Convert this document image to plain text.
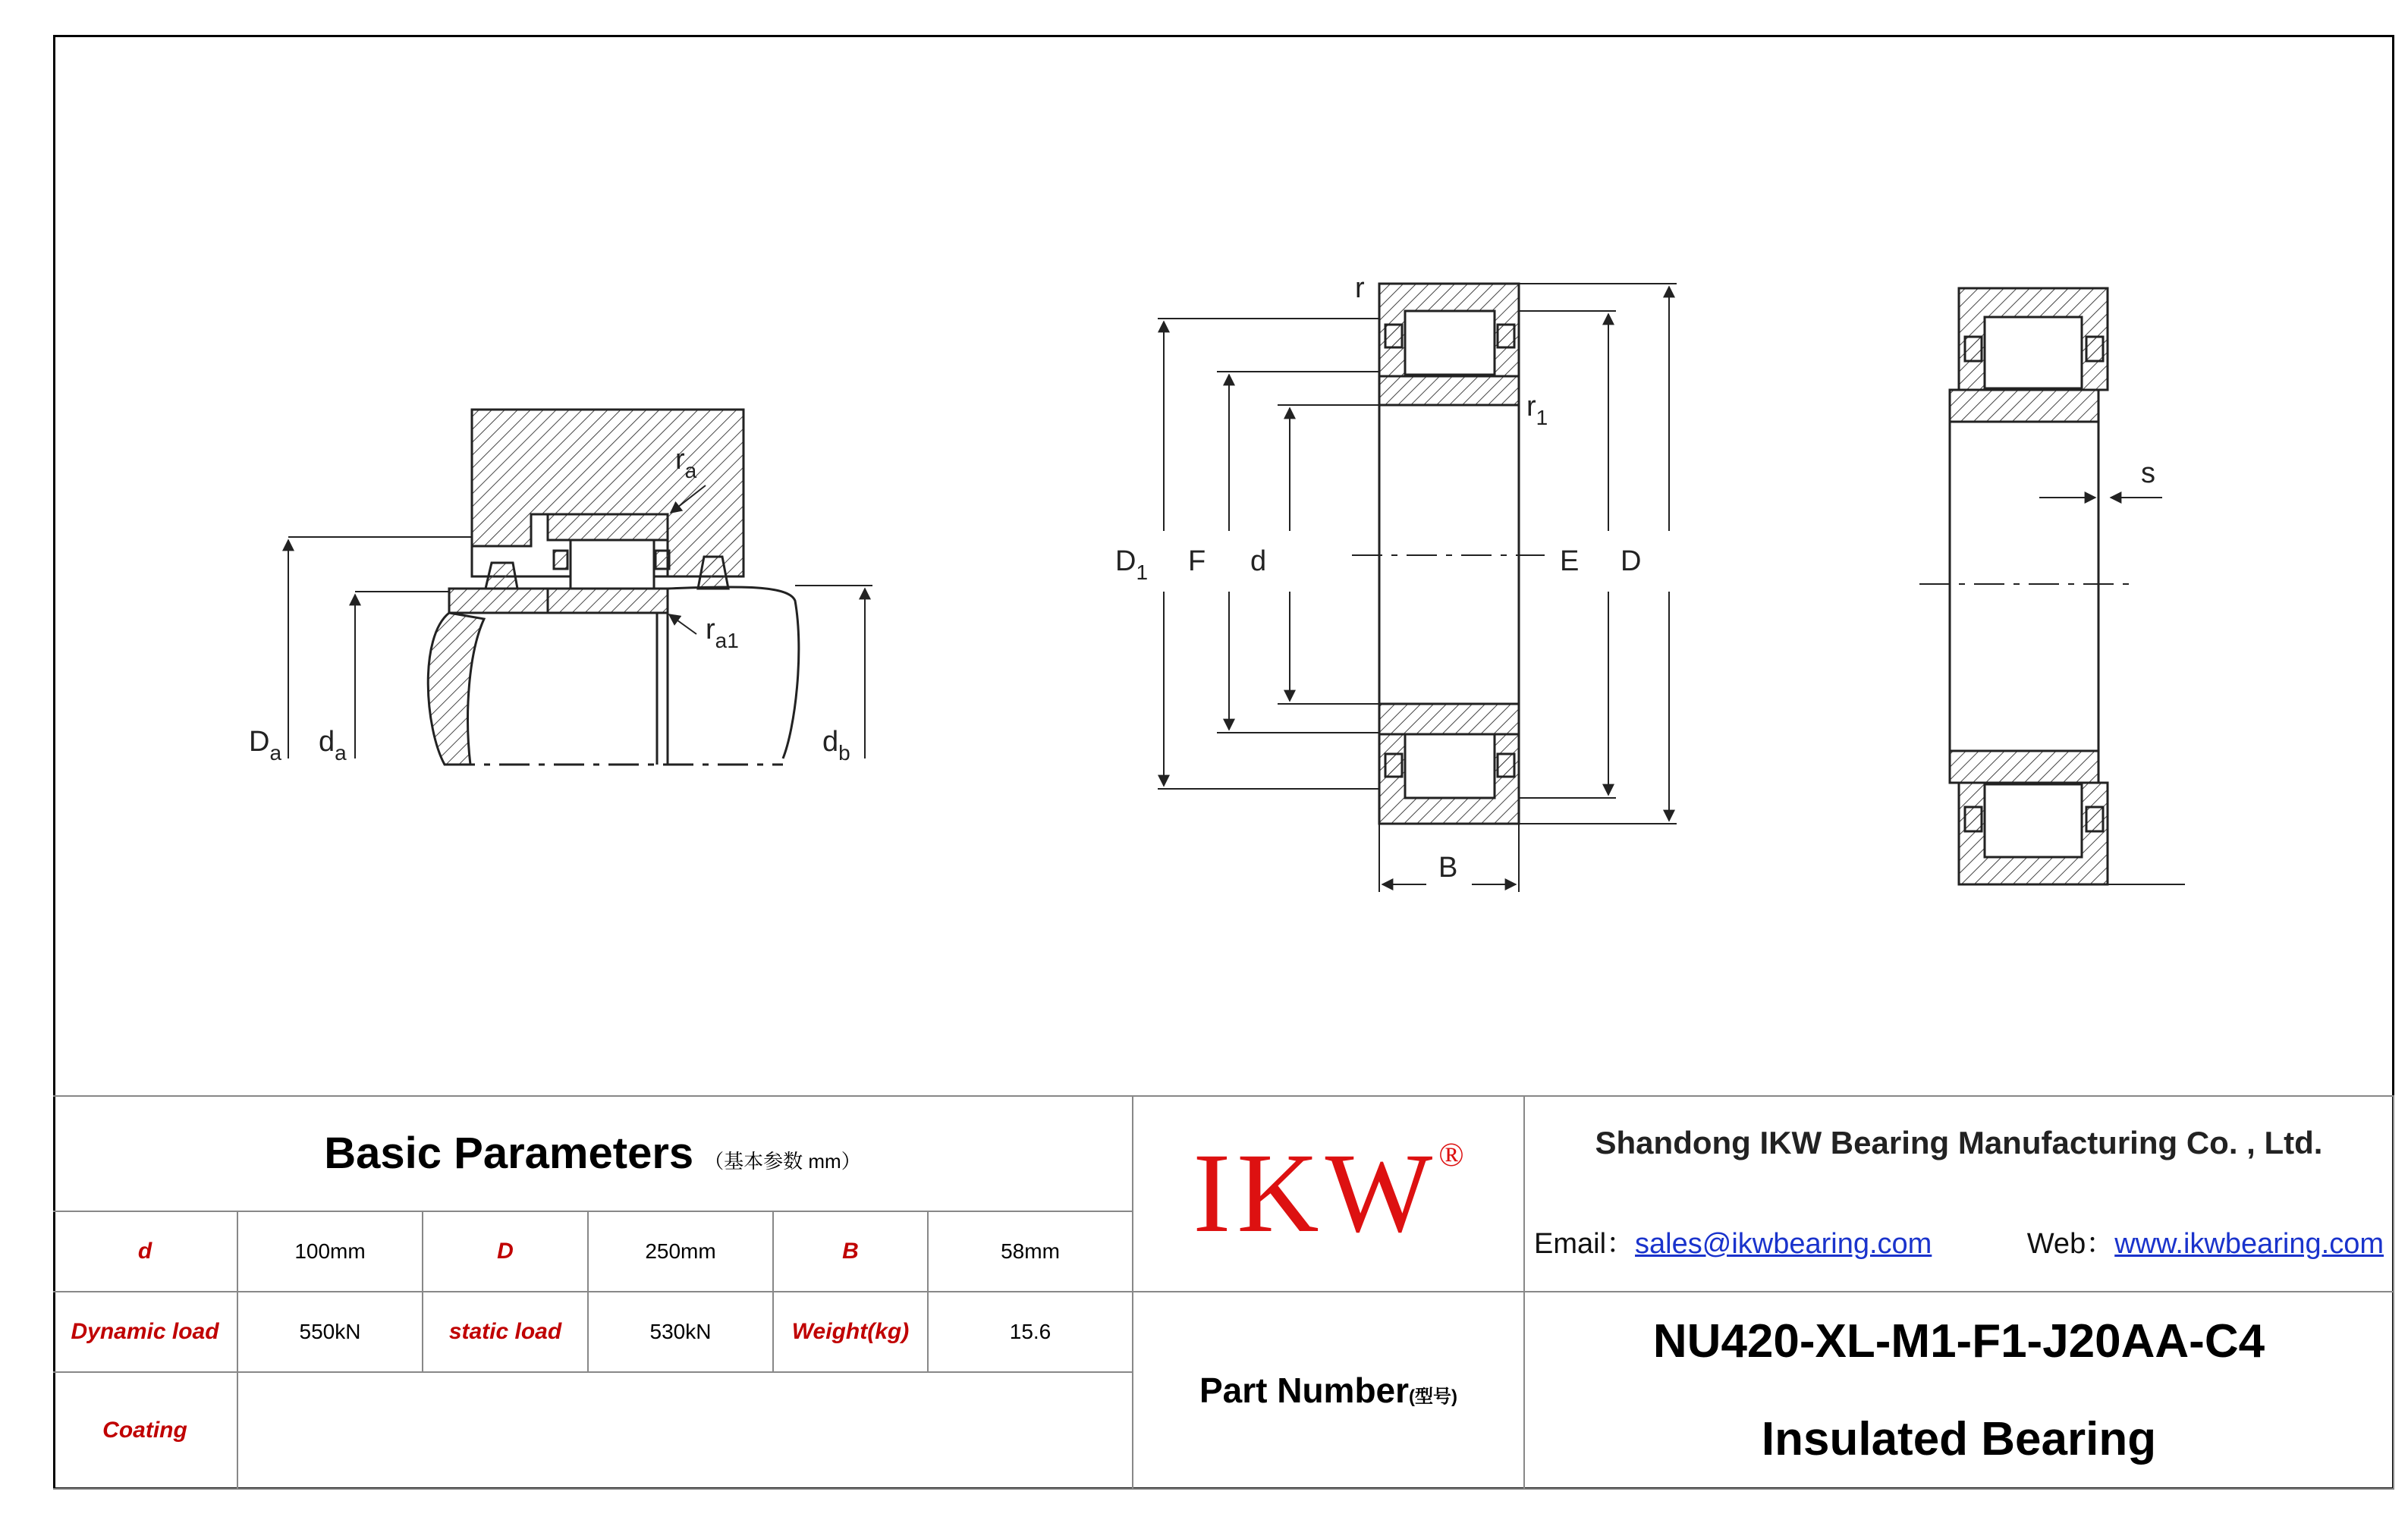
$r_a$
$r_{a1}$
$D_a$ $d_a$	$d_b$
r
$r_1$
$D_1$ F d	E D
B
s
Basic Parameters （基本参数 mm）
d	100mm	D	250mm	B	58mm
Dynamic load	550kN	static load	530kN	Weight(kg)	15.6
Coating
IKW®
Part Number(型号)
Shandong IKW Bearing Manufacturing Co. , Ltd.
Email：sales@ikwbearing.com	Web：www.ikwbearing.com
NU420-XL-M1-F1-J20AA-C4
Insulated Bearing
